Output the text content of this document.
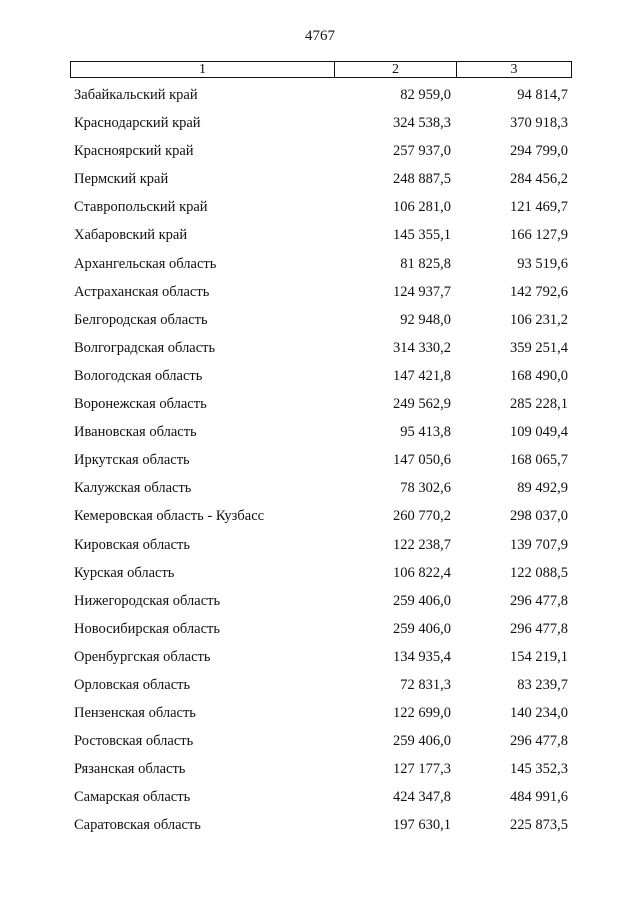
4767
1	2	3
Забайкальский край	82 959,0	94 814,7
Краснодарский край	324 538,3	370 918,3
Красноярский край	257 937,0	294 799,0
Пермский край	248 887,5	284 456,2
Ставропольский край	106 281,0	121 469,7
Хабаровский край	145 355,1	166 127,9
Архангельская область	81 825,8	93 519,6
Астраханская область	124 937,7	142 792,6
Белгородская область	92 948,0	106 231,2
Волгоградская область	314 330,2	359 251,4
Вологодская область	147 421,8	168 490,0
Воронежская область	249 562,9	285 228,1
Ивановская область	95 413,8	109 049,4
Иркутская область	147 050,6	168 065,7
Калужская область	78 302,6	89 492,9
Кемеровская область - Кузбасс	260 770,2	298 037,0
Кировская область	122 238,7	139 707,9
Курская область	106 822,4	122 088,5
Нижегородская область	259 406,0	296 477,8
Новосибирская область	259 406,0	296 477,8
Оренбургская область	134 935,4	154 219,1
Орловская область	72 831,3	83 239,7
Пензенская область	122 699,0	140 234,0
Ростовская область	259 406,0	296 477,8
Рязанская область	127 177,3	145 352,3
Самарская область	424 347,8	484 991,6
Саратовская область	197 630,1	225 873,5
